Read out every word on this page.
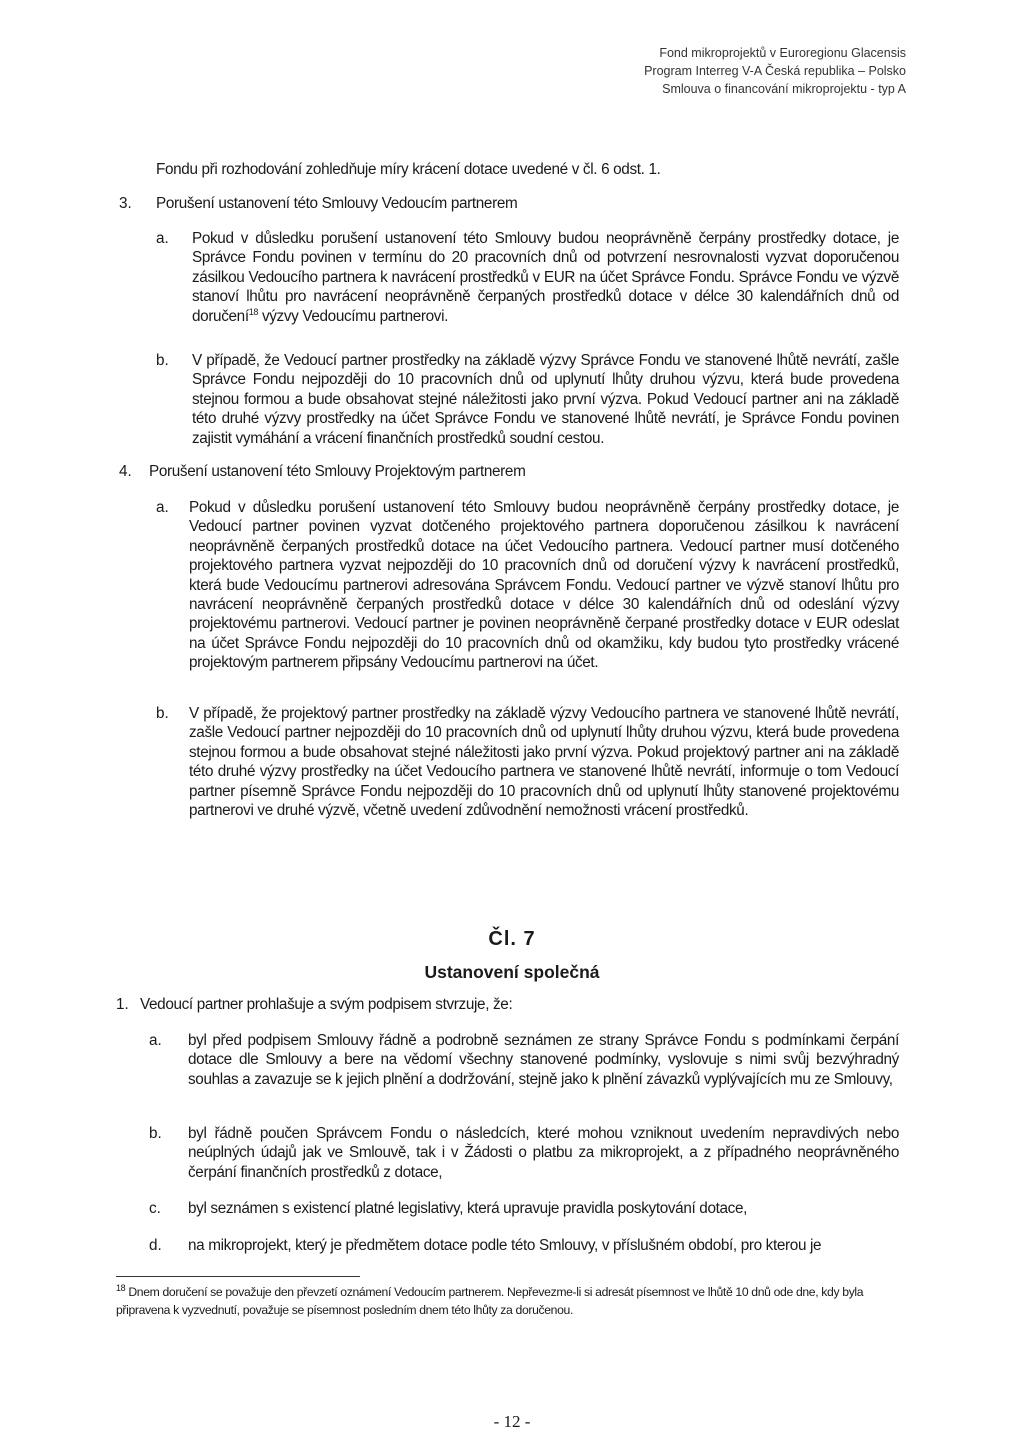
Fond mikroprojektů v Euroregionu Glacensis
Program Interreg V-A Česká republika – Polsko
Smlouva o financování mikroprojektu - typ A

Fondu při rozhodování zohledňuje míry krácení dotace uvedené v čl. 6 odst. 1.

3. Porušení ustanovení této Smlouvy Vedoucím partnerem

a. Pokud v důsledku porušení ustanovení této Smlouvy budou neoprávněně čerpány prostředky dotace, je Správce Fondu povinen v termínu do 20 pracovních dnů od potvrzení nesrovnalosti vyzvat doporučenou zásilkou Vedoucího partnera k navrácení prostředků v EUR na účet Správce Fondu. Správce Fondu ve výzvě stanoví lhůtu pro navrácení neoprávněně čerpaných prostředků dotace v délce 30 kalendářních dnů od doručení$^{18}$ výzvy Vedoucímu partnerovi.

b. V případě, že Vedoucí partner prostředky na základě výzvy Správce Fondu ve stanovené lhůtě nevrátí, zašle Správce Fondu nejpozději do 10 pracovních dnů od uplynutí lhůty druhou výzvu, která bude provedena stejnou formou a bude obsahovat stejné náležitosti jako první výzva. Pokud Vedoucí partner ani na základě této druhé výzvy prostředky na účet Správce Fondu ve stanovené lhůtě nevrátí, je Správce Fondu povinen zajistit vymáhání a vrácení finančních prostředků soudní cestou.

4. Porušení ustanovení této Smlouvy Projektovým partnerem

a. Pokud v důsledku porušení ustanovení této Smlouvy budou neoprávněně čerpány prostředky dotace, je Vedoucí partner povinen vyzvat dotčeného projektového partnera doporučenou zásilkou k navrácení neoprávněně čerpaných prostředků dotace na účet Vedoucího partnera. Vedoucí partner musí dotčeného projektového partnera vyzvat nejpozději do 10 pracovních dnů od doručení výzvy k navrácení prostředků, která bude Vedoucímu partnerovi adresována Správcem Fondu. Vedoucí partner ve výzvě stanoví lhůtu pro navrácení neoprávněně čerpaných prostředků dotace v délce 30 kalendářních dnů od odeslání výzvy projektovému partnerovi. Vedoucí partner je povinen neoprávněně čerpané prostředky dotace v EUR odeslat na účet Správce Fondu nejpozději do 10 pracovních dnů od okamžiku, kdy budou tyto prostředky vrácené projektovým partnerem připsány Vedoucímu partnerovi na účet.

b. V případě, že projektový partner prostředky na základě výzvy Vedoucího partnera ve stanovené lhůtě nevrátí, zašle Vedoucí partner nejpozději do 10 pracovních dnů od uplynutí lhůty druhou výzvu, která bude provedena stejnou formou a bude obsahovat stejné náležitosti jako první výzva. Pokud projektový partner ani na základě této druhé výzvy prostředky na účet Vedoucího partnera ve stanovené lhůtě nevrátí, informuje o tom Vedoucí partner písemně Správce Fondu nejpozději do 10 pracovních dnů od uplynutí lhůty stanovené projektovému partnerovi ve druhé výzvě, včetně uvedení zdůvodnění nemožnosti vrácení prostředků.

Čl. 7

Ustanovení společná

1. Vedoucí partner prohlašuje a svým podpisem stvrzuje, že:

a. byl před podpisem Smlouvy řádně a podrobně seznámen ze strany Správce Fondu s podmínkami čerpání dotace dle Smlouvy a bere na vědomí všechny stanovené podmínky, vyslovuje s nimi svůj bezvýhradný souhlas a zavazuje se k jejich plnění a dodržování, stejně jako k plnění závazků vyplývajících mu ze Smlouvy,

b. byl řádně poučen Správcem Fondu o následcích, které mohou vzniknout uvedením nepravdivých nebo neúplných údajů jak ve Smlouvě, tak i v Žádosti o platbu za mikroprojekt, a z případného neoprávněného čerpání finančních prostředků z dotace,

c. byl seznámen s existencí platné legislativy, která upravuje pravidla poskytování dotace,

d. na mikroprojekt, který je předmětem dotace podle této Smlouvy, v příslušném období, pro kterou je

$^{18}$ Dnem doručení se považuje den převzetí oznámení Vedoucím partnerem. Nepřevezme-li si adresát písemnost ve lhůtě 10 dnů ode dne, kdy byla připravena k vyzvednutí, považuje se písemnost posledním dnem této lhůty za doručenou.

- 12 -
